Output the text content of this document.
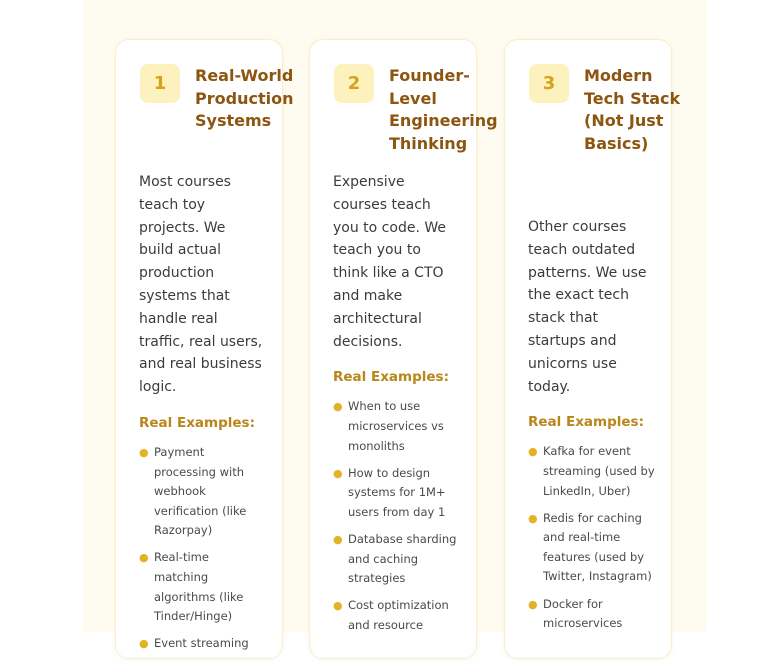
1	Real-World Production Systems

Most courses teach toy projects. We build actual production systems that handle real traffic, real users, and real business logic.

Real Examples:
● Payment processing with webhook verification (like Razorpay)
● Real-time matching algorithms (like Tinder/Hinge)
● Event streaming
2	Founder-Level Engineering Thinking

Expensive courses teach you to code. We teach you to think like a CTO and make architectural decisions.

Real Examples:
● When to use microservices vs monoliths
● How to design systems for 1M+ users from day 1
● Database sharding and caching strategies
● Cost optimization and resource
3	Modern Tech Stack (Not Just Basics)

Other courses teach outdated patterns. We use the exact tech stack that startups and unicorns use today.

Real Examples:
● Kafka for event streaming (used by LinkedIn, Uber)
● Redis for caching and real-time features (used by Twitter, Instagram)
● Docker for microservices
